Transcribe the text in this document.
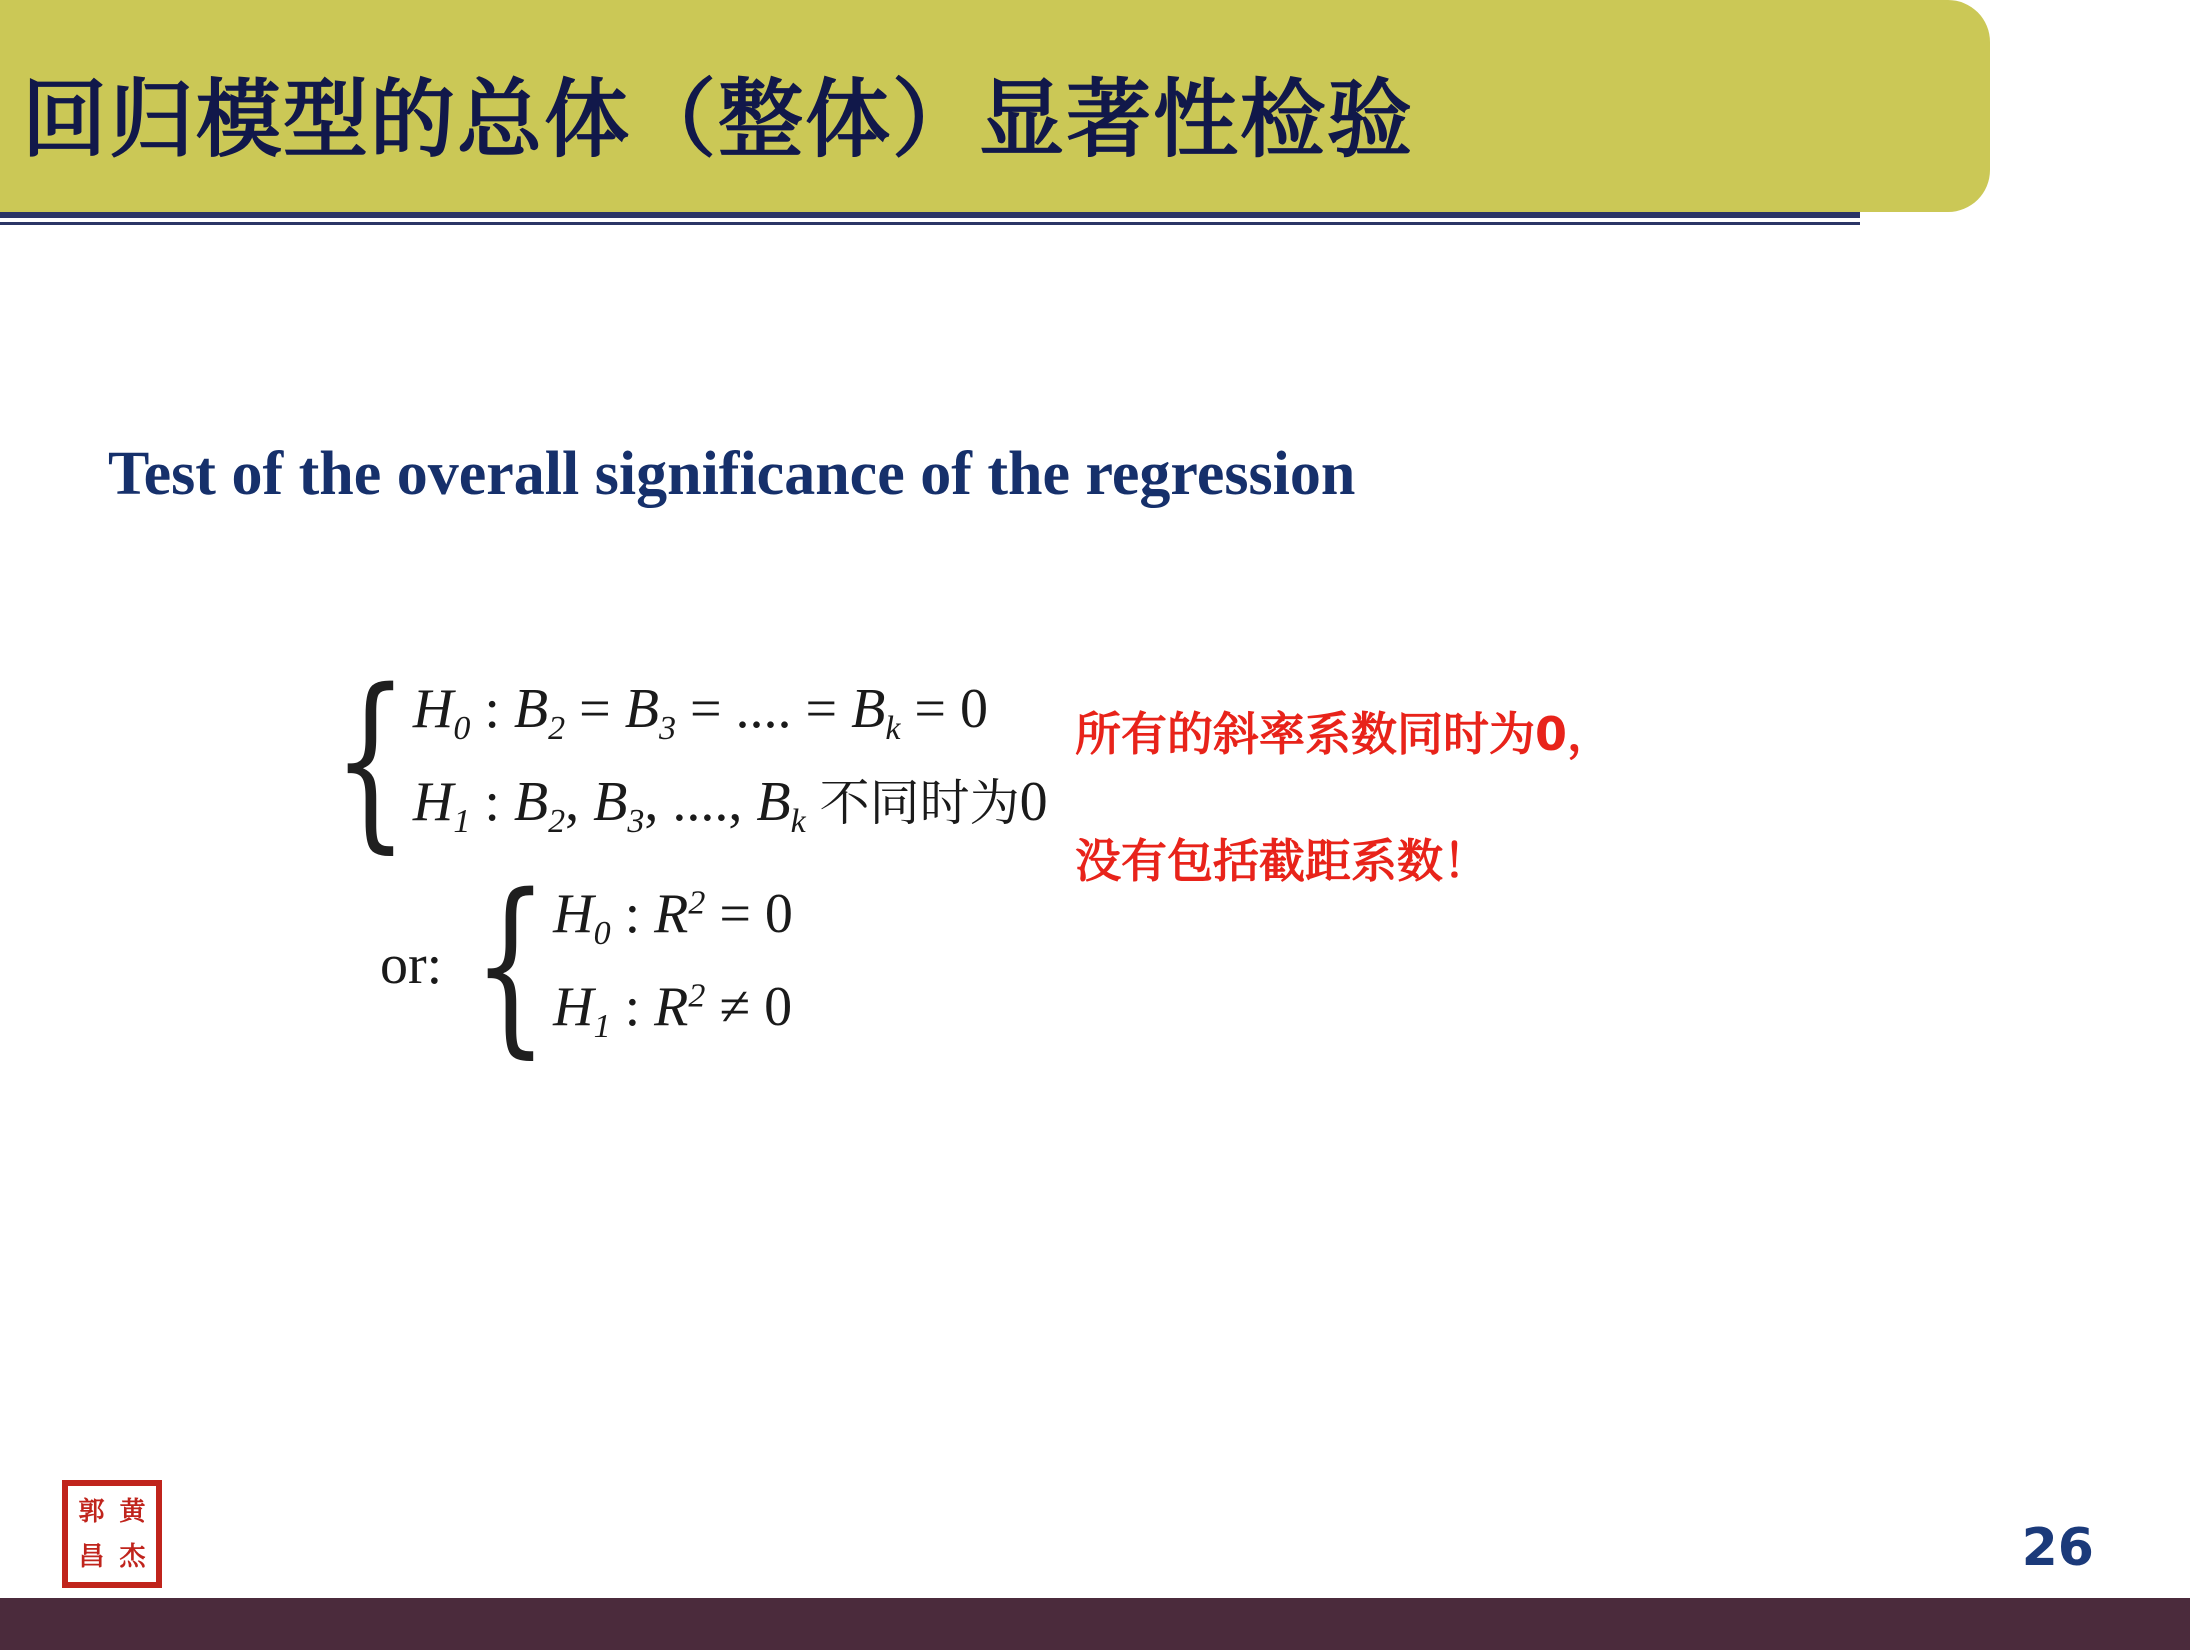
回归模型的总体（整体）显著性检验
Test of the overall significance of the regression
{ $H_0$ : $B_2 = B_3$ = .... = $B_k = 0$
$H_1$ : $B_2$, $B_3$, ...., $B_k$ 不同时为0
or: { $H_0$ : $R^2 = 0$
$H_1$ : $R^2 \ne 0$

所有的斜率系数同时为0，

没有包括截距系数！

郭 黄
昌 杰	26
